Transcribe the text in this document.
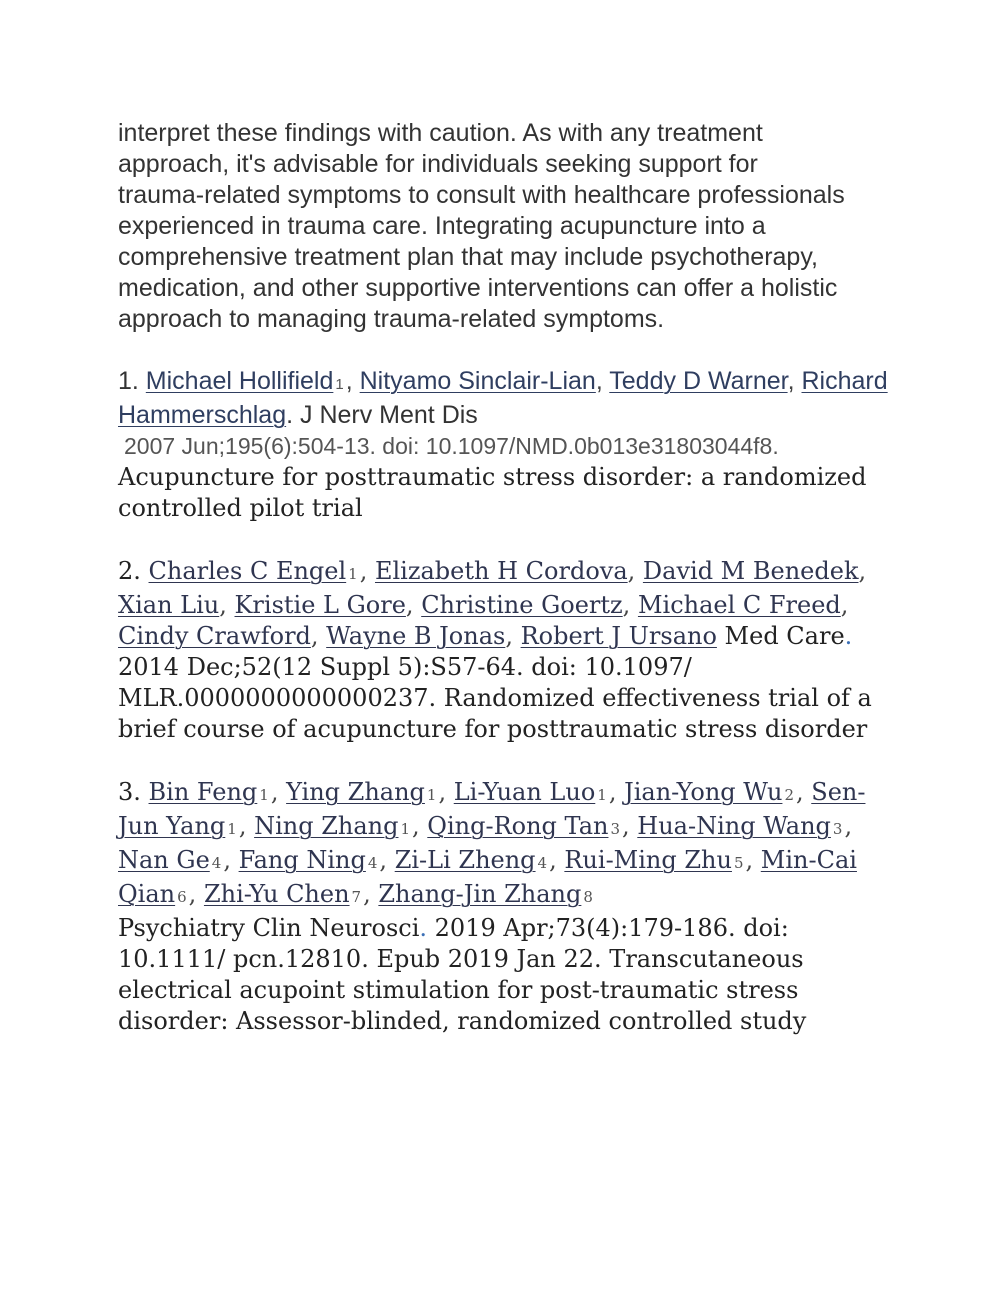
interpret these findings with caution. As with any treatment
approach, it's advisable for individuals seeking support for
trauma-related symptoms to consult with healthcare professionals
experienced in trauma care. Integrating acupuncture into a
comprehensive treatment plan that may include psychotherapy,
medication, and other supportive interventions can offer a holistic
approach to managing trauma-related symptoms.
1. Michael Hollifield 1, Nityamo Sinclair-Lian, Teddy D Warner, Richard Hammerschlag. J Nerv Ment Dis
2007 Jun;195(6):504-13. doi: 10.1097/NMD.0b013e31803044f8.
Acupuncture for posttraumatic stress disorder: a randomized controlled pilot trial
2. Charles C Engel 1, Elizabeth H Cordova, David M Benedek, Xian Liu, Kristie L Gore, Christine Goertz, Michael C Freed, Cindy Crawford, Wayne B Jonas, Robert J Ursano Med Care. 2014 Dec;52(12 Suppl 5):S57-64. doi: 10.1097/ MLR.0000000000000237. Randomized effectiveness trial of a brief course of acupuncture for posttraumatic stress disorder
3. Bin Feng 1, Ying Zhang 1, Li-Yuan Luo 1, Jian-Yong Wu 2, Sen-Jun Yang 1, Ning Zhang 1, Qing-Rong Tan 3, Hua-Ning Wang 3, Nan Ge 4, Fang Ning 4, Zi-Li Zheng 4, Rui-Ming Zhu 5, Min-Cai Qian 6, Zhi-Yu Chen 7, Zhang-Jin Zhang 8
Psychiatry Clin Neurosci. 2019 Apr;73(4):179-186. doi: 10.1111/ pcn.12810. Epub 2019 Jan 22. Transcutaneous electrical acupoint stimulation for post-traumatic stress disorder: Assessor-blinded, randomized controlled study
